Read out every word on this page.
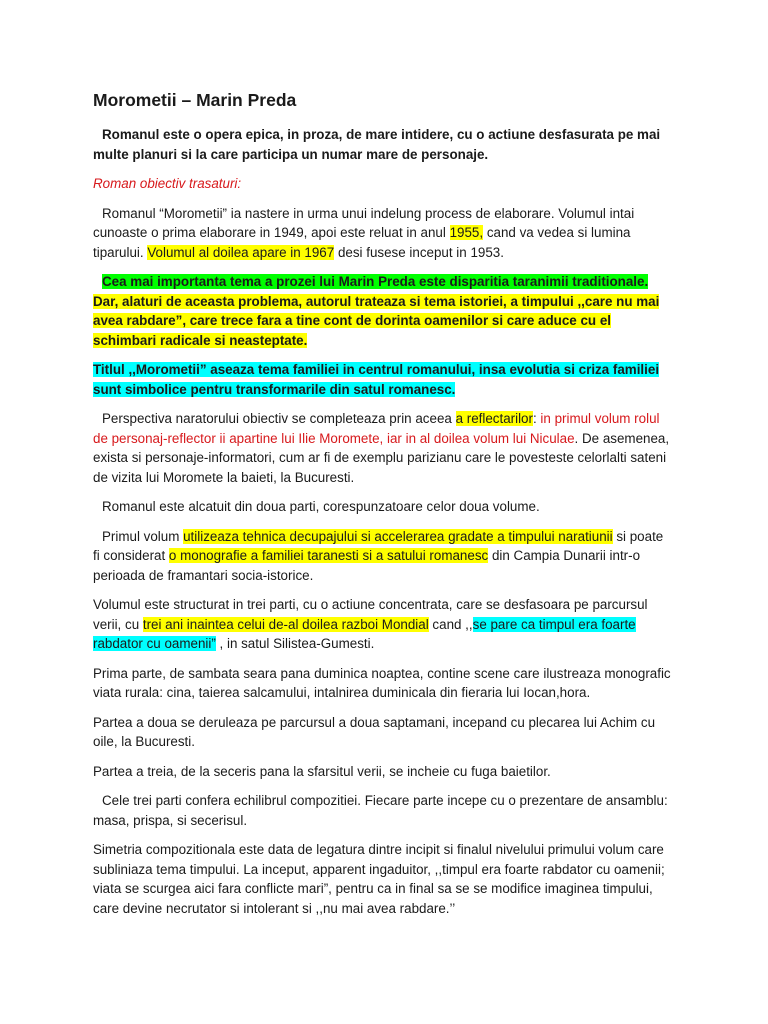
Morometii – Marin Preda

Romanul este o opera epica, in proza, de mare intidere, cu o actiune desfasurata pe mai multe planuri si la care participa un numar mare de personaje.

Roman obiectiv trasaturi:

Romanul “Morometii” ia nastere in urma unui indelung process de elaborare. Volumul intai cunoaste o prima elaborare in 1949, apoi este reluat in anul 1955, cand va vedea si lumina tiparului. Volumul al doilea apare in 1967 desi fusese inceput in 1953.

Cea mai importanta tema a prozei lui Marin Preda este disparitia taranimii traditionale. Dar, alaturi de aceasta problema, autorul trateaza si tema istoriei, a timpului ,,care nu mai avea rabdare”, care trece fara a tine cont de dorinta oamenilor si care aduce cu el schimbari radicale si neasteptate.

Titlul ,,Morometii” aseaza tema familiei in centrul romanului, insa evolutia si criza familiei sunt simbolice pentru transformarile din satul romanesc.

Perspectiva naratorului obiectiv se completeaza prin aceea a reflectarilor: in primul volum rolul de personaj-reflector ii apartine lui Ilie Moromete, iar in al doilea volum lui Niculae. De asemenea, exista si personaje-informatori, cum ar fi de exemplu parizianu care le povesteste celorlalti sateni de vizita lui Moromete la baieti, la Bucuresti.

Romanul este alcatuit din doua parti, corespunzatoare celor doua volume.

Primul volum utilizeaza tehnica decupajului si accelerarea gradate a timpului naratiunii si poate fi considerat o monografie a familiei taranesti si a satului romanesc din Campia Dunarii intr-o perioada de framantari socia-istorice.

Volumul este structurat in trei parti, cu o actiune concentrata, care se desfasoara pe parcursul verii, cu trei ani inaintea celui de-al doilea razboi Mondial cand ,,se pare ca timpul era foarte rabdator cu oamenii” , in satul Silistea-Gumesti.

Prima parte, de sambata seara pana duminica noaptea, contine scene care ilustreaza monografic viata rurala: cina, taierea salcamului, intalnirea duminicala din fieraria lui Iocan,hora.

Partea a doua se deruleaza pe parcursul a doua saptamani, incepand cu plecarea lui Achim cu oile, la Bucuresti.

Partea a treia, de la seceris pana la sfarsitul verii, se incheie cu fuga baietilor.

Cele trei parti confera echilibrul compozitiei. Fiecare parte incepe cu o prezentare de ansamblu: masa, prispa, si secerisul.

Simetria compozitionala este data de legatura dintre incipit si finalul nivelului primului volum care subliniaza tema timpului. La inceput, apparent ingaduitor, ,,timpul era foarte rabdator cu oamenii; viata se scurgea aici fara conflicte mari”, pentru ca in final sa se se modifice imaginea timpului, care devine necrutator si intolerant si ,,nu mai avea rabdare.’’
